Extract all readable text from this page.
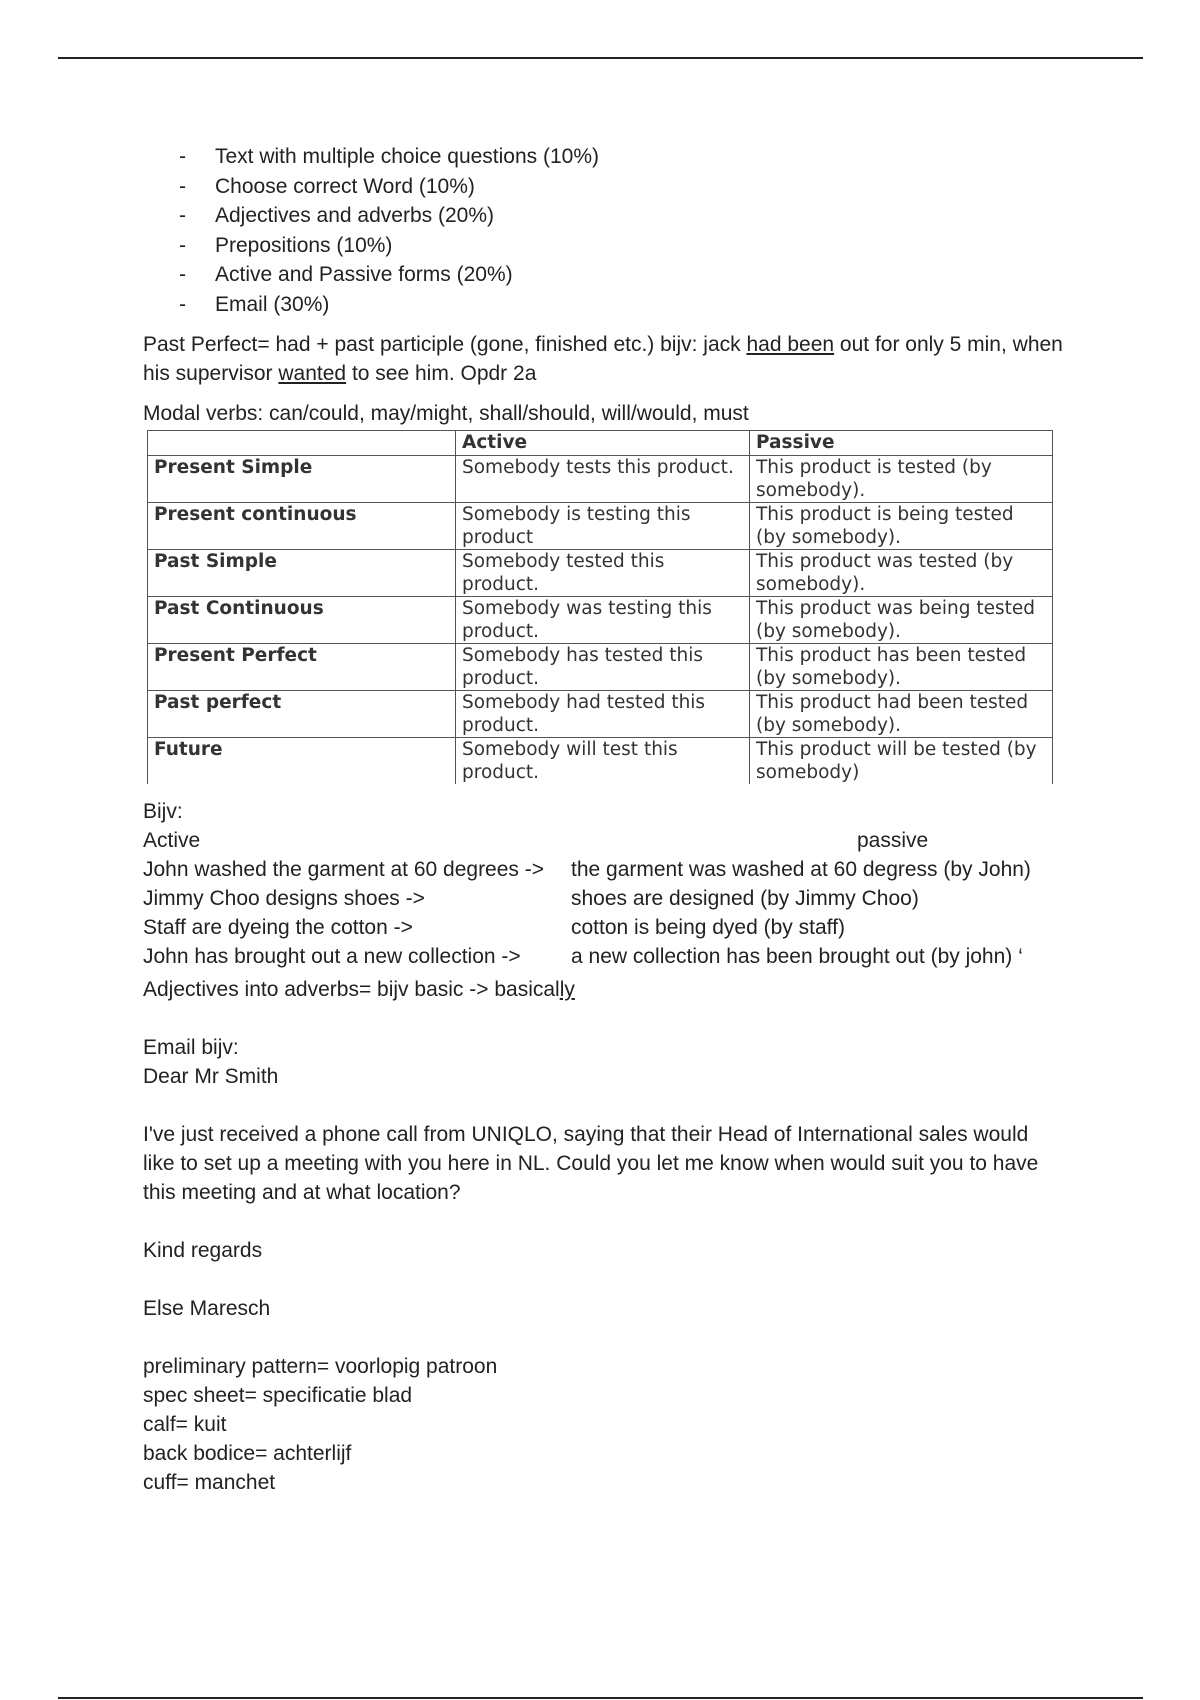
- Text with multiple choice questions (10%)
- Choose correct Word (10%)
- Adjectives and adverbs (20%)
- Prepositions (10%)
- Active and Passive forms (20%)
- Email (30%)

Past Perfect= had + past participle (gone, finished etc.) bijv: jack had been out for only 5 min, when his supervisor wanted to see him. Opdr 2a

Modal verbs: can/could, may/might, shall/should, will/would, must

	Active	Passive
Present Simple	Somebody tests this product.	This product is tested (by somebody).
Present continuous	Somebody is testing this product	This product is being tested (by somebody).
Past Simple	Somebody tested this product.	This product was tested (by somebody).
Past Continuous	Somebody was testing this product.	This product was being tested (by somebody).
Present Perfect	Somebody has tested this product.	This product has been tested (by somebody).
Past perfect	Somebody had tested this product.	This product had been tested (by somebody).
Future	Somebody will test this product.	This product will be tested (by somebody)

Bijv:

Active	passive
John washed the garment at 60 degrees ->	the garment was washed at 60 degress (by John)
Jimmy Choo designs shoes ->	shoes are designed (by Jimmy Choo)
Staff are dyeing the cotton ->	cotton is being dyed (by staff)
John has brought out a new collection ->	a new collection has been brought out (by john) ‘

Adjectives into adverbs= bijv basic -> basically

Email bijv:

Dear Mr Smith

I've just received a phone call from UNIQLO, saying that their Head of International sales would like to set up a meeting with you here in NL. Could you let me know when would suit you to have this meeting and at what location?

Kind regards

Else Maresch

preliminary pattern= voorlopig patroon

spec sheet= specificatie blad

calf= kuit

back bodice= achterlijf

cuff= manchet
